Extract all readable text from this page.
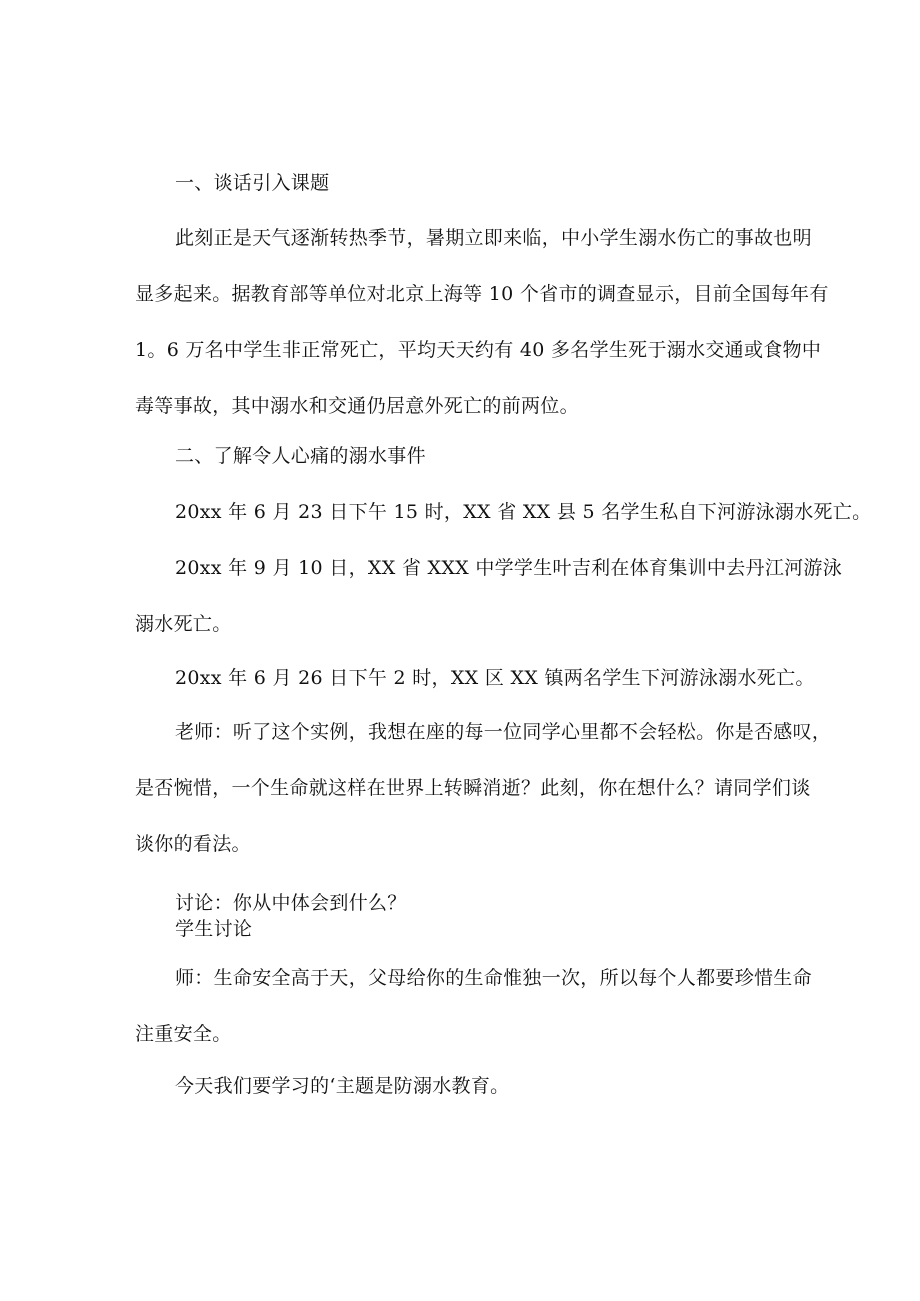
一、谈话引入课题
此刻正是天气逐渐转热季节，暑期立即来临，中小学生溺水伤亡的事故也明
显多起来。据教育部等单位对北京上海等 10 个省市的调查显示，目前全国每年有
1。6 万名中学生非正常死亡，平均天天约有 40 多名学生死于溺水交通或食物中
毒等事故，其中溺水和交通仍居意外死亡的前两位。
二、了解令人心痛的溺水事件
20xx 年 6 月 23 日下午 15 时，XX 省 XX 县 5 名学生私自下河游泳溺水死亡。
20xx 年 9 月 10 日，XX 省 XXX 中学学生叶吉利在体育集训中去丹江河游泳
溺水死亡。
20xx 年 6 月 26 日下午 2 时，XX 区 XX 镇两名学生下河游泳溺水死亡。
老师：听了这个实例，我想在座的每一位同学心里都不会轻松。你是否感叹，
是否惋惜，一个生命就这样在世界上转瞬消逝？此刻，你在想什么？请同学们谈
谈你的看法。
讨论：你从中体会到什么？
学生讨论
师：生命安全高于天，父母给你的生命惟独一次，所以每个人都要珍惜生命
注重安全。
今天我们要学习的‘主题是防溺水教育。
